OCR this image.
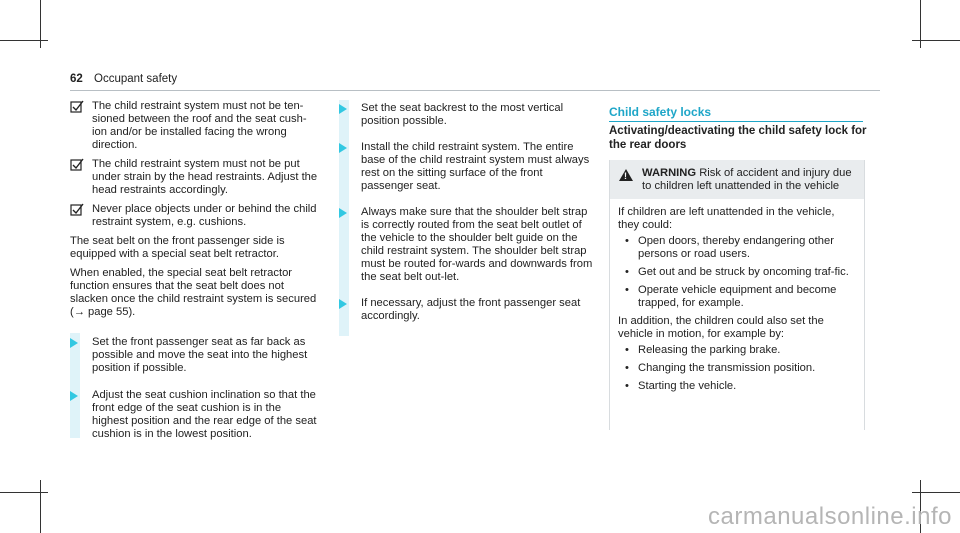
62 Occupant safety
The child restraint system must not be ten-sioned between the roof and the seat cush-ion and/or be installed facing the wrong direction.
The child restraint system must not be put under strain by the head restraints. Adjust the head restraints accordingly.
Never place objects under or behind the child restraint system, e.g. cushions.
The seat belt on the front passenger side is equipped with a special seat belt retractor.
When enabled, the special seat belt retractor function ensures that the seat belt does not slacken once the child restraint system is secured (→ page 55).
Set the front passenger seat as far back as possible and move the seat into the highest position if possible.
Adjust the seat cushion inclination so that the front edge of the seat cushion is in the highest position and the rear edge of the seat cushion is in the lowest position.
Set the seat backrest to the most vertical position possible.
Install the child restraint system. The entire base of the child restraint system must always rest on the sitting surface of the front passenger seat.
Always make sure that the shoulder belt strap is correctly routed from the seat belt outlet of the vehicle to the shoulder belt guide on the child restraint system. The shoulder belt strap must be routed for-wards and downwards from the seat belt out-let.
If necessary, adjust the front passenger seat accordingly.
Child safety locks
Activating/deactivating the child safety lock for the rear doors
!
WARNING Risk of accident and injury due to children left unattended in the vehicle
If children are left unattended in the vehicle, they could:
• Open doors, thereby endangering other persons or road users.
• Get out and be struck by oncoming traf-fic.
• Operate vehicle equipment and become trapped, for example.
In addition, the children could also set the vehicle in motion, for example by:
• Releasing the parking brake.
• Changing the transmission position.
• Starting the vehicle.
carmanualsonline.info
